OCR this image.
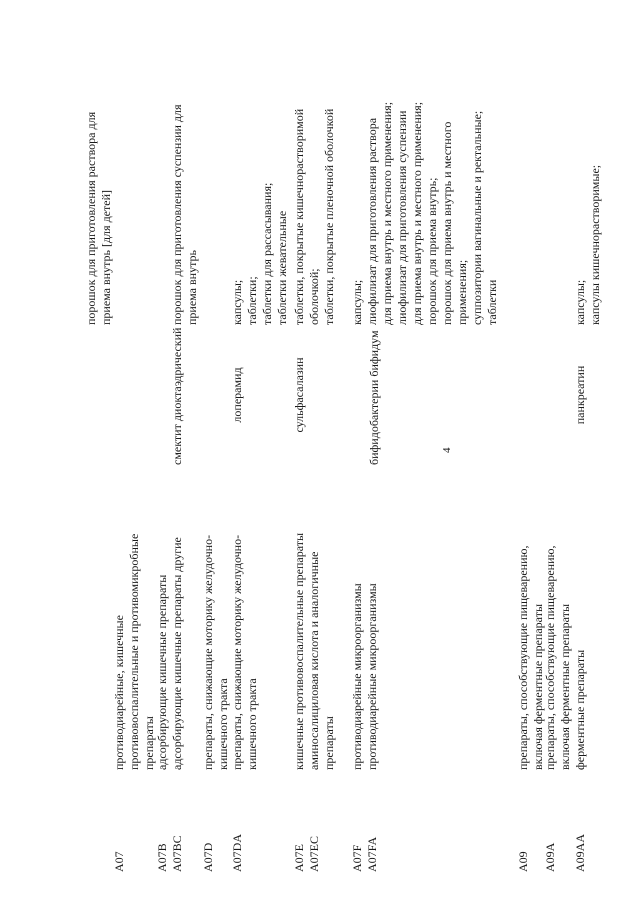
4
A07
противодиарейные, кишечные противовоспалительные и противомикробные препараты
порошок для приготовления раствора для приема внутрь [для детей]
A07B A07BC
адсорбирующие кишечные препараты адсорбирующие кишечные препараты другие
смектит диоктаэдрический
порошок для приготовления суспензии для приема внутрь
A07D
препараты, снижающие моторику желудочно- кишечного тракта
A07DA
препараты, снижающие моторику желудочно- кишечного тракта
лоперамид
капсулы; таблетки; таблетки для рассасывания; таблетки жевательные
A07E A07EC
кишечные противовоспалительные препараты аминосалициловая кислота и аналогичные препараты
сульфасалазин
таблетки, покрытые кишечнорастворимой оболочкой; таблетки, покрытые пленочной оболочкой
A07F A07FA
противодиарейные микроорганизмы противодиарейные микроорганизмы
бифидобактерии бифидум
капсулы; лиофилизат для приготовления раствора для приема внутрь и местного применения; лиофилизат для приготовления суспензии для приема внутрь и местного применения; порошок для приема внутрь; порошок для приема внутрь и местного применения; суппозитории вагинальные и ректальные; таблетки
A09
препараты, способствующие пищеварению, включая ферментные препараты
A09A
препараты, способствующие пищеварению, включая ферментные препараты
A09AA
ферментные препараты
панкреатин
капсулы; капсулы кишечнорастворимые;
